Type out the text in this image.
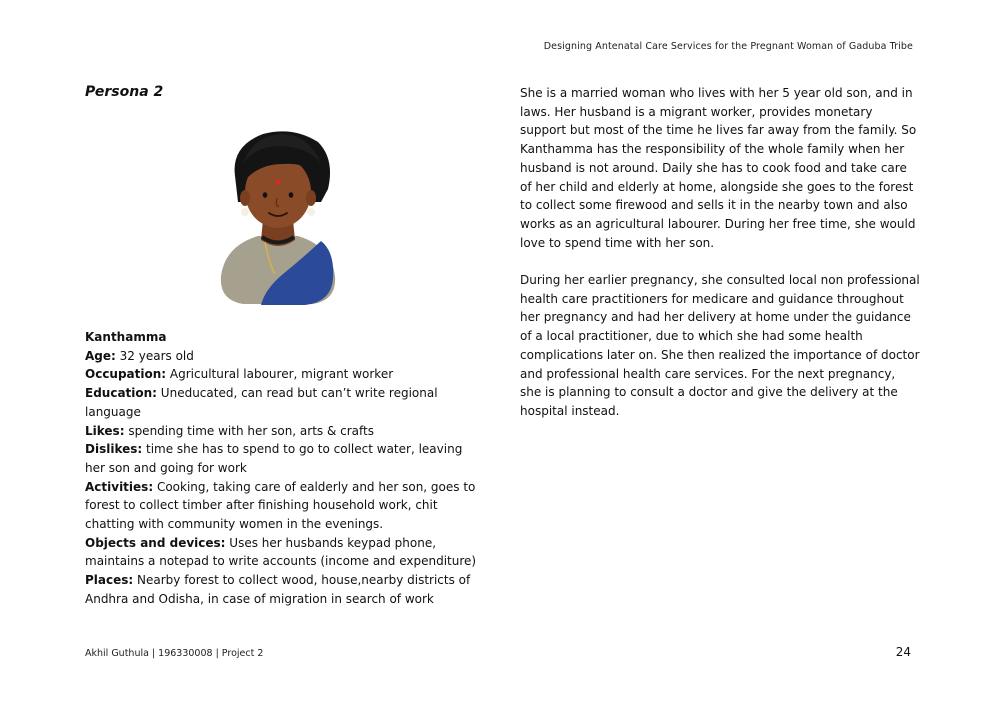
Designing Antenatal Care Services for the Pregnant Woman of Gaduba Tribe
Persona 2

Kanthamma

Age: 32 years old

Occupation: Agricultural labourer, migrant worker

Education: Uneducated, can read but can’t write regional language

Likes: spending time with her son, arts & crafts

Dislikes: time she has to spend to go to collect water, leaving her son and going for work

Activities: Cooking, taking care of ealderly and her son, goes to forest to collect timber after finishing household work, chit chatting with community women in the evenings.

Objects and devices: Uses her husbands keypad phone, maintains a notepad to write accounts (income and expenditure)

Places: Nearby forest to collect wood, house,nearby districts of Andhra and Odisha, in case of migration in search of work

She is a married woman who lives with her 5 year old son, and in laws. Her husband is a migrant worker, provides monetary support but most of the time he lives far away from the family. So Kanthamma has the responsibility of the whole family when her husband is not around. Daily she has to cook food and take care of her child and elderly at home, alongside she goes to the forest to collect some firewood and sells it in the nearby town and also works as an agricultural labourer. During her free time, she would love to spend time with her son.

During her earlier pregnancy, she consulted local non professional health care practitioners for medicare and guidance throughout her pregnancy and had her delivery at home under the guidance of a local practitioner, due to which she had some health complications later on. She then realized the importance of doctor and professional health care services. For the next pregnancy, she is planning to consult a doctor and give the delivery at the hospital instead.

Akhil Guthula | 196330008 | Project 2	24
